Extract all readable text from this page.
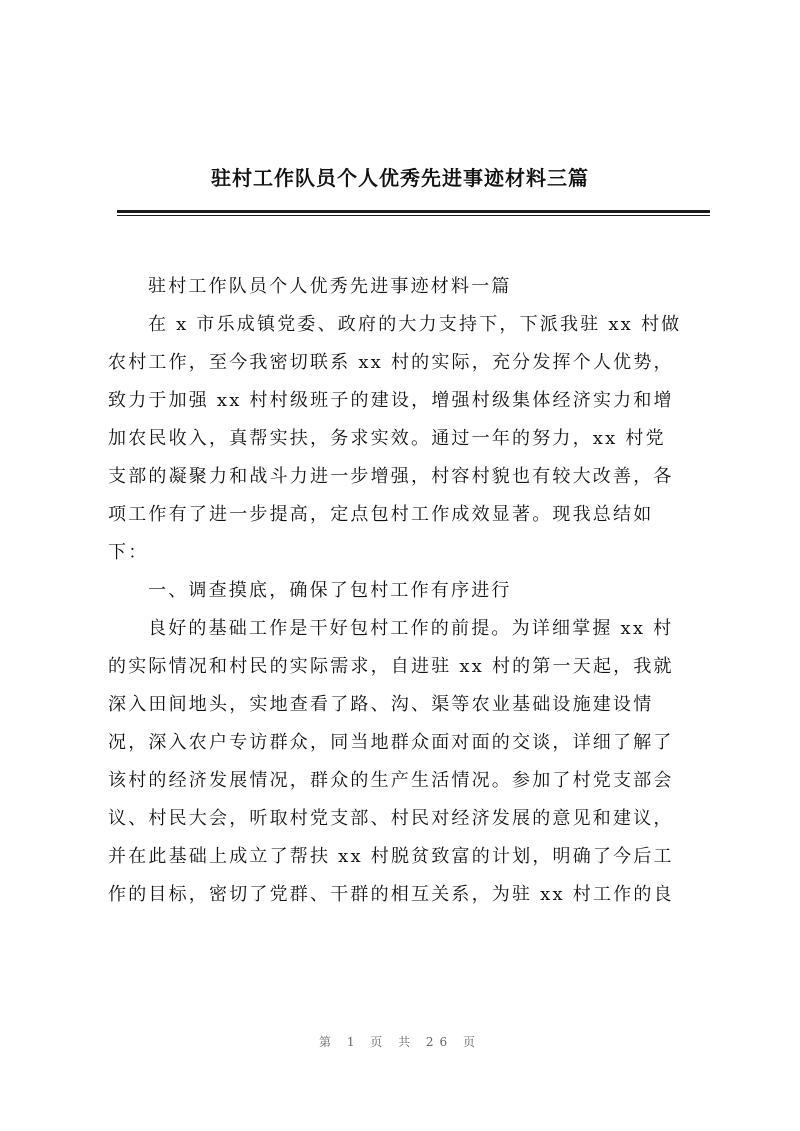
驻村工作队员个人优秀先进事迹材料三篇
驻村工作队员个人优秀先进事迹材料一篇
在 x 市乐成镇党委、政府的大力支持下，下派我驻 xx 村做
农村工作，至今我密切联系 xx 村的实际，充分发挥个人优势，
致力于加强 xx 村村级班子的建设，增强村级集体经济实力和增
加农民收入，真帮实扶，务求实效。通过一年的努力，xx 村党
支部的凝聚力和战斗力进一步增强，村容村貌也有较大改善，各
项工作有了进一步提高，定点包村工作成效显著。现我总结如
下：
一、调查摸底，确保了包村工作有序进行
良好的基础工作是干好包村工作的前提。为详细掌握 xx 村
的实际情况和村民的实际需求，自进驻 xx 村的第一天起，我就
深入田间地头，实地查看了路、沟、渠等农业基础设施建设情
况，深入农户专访群众，同当地群众面对面的交谈，详细了解了
该村的经济发展情况，群众的生产生活情况。参加了村党支部会
议、村民大会，听取村党支部、村民对经济发展的意见和建议，
并在此基础上成立了帮扶 xx 村脱贫致富的计划，明确了今后工
作的目标，密切了党群、干群的相互关系，为驻 xx 村工作的良
第 1 页 共 26 页
